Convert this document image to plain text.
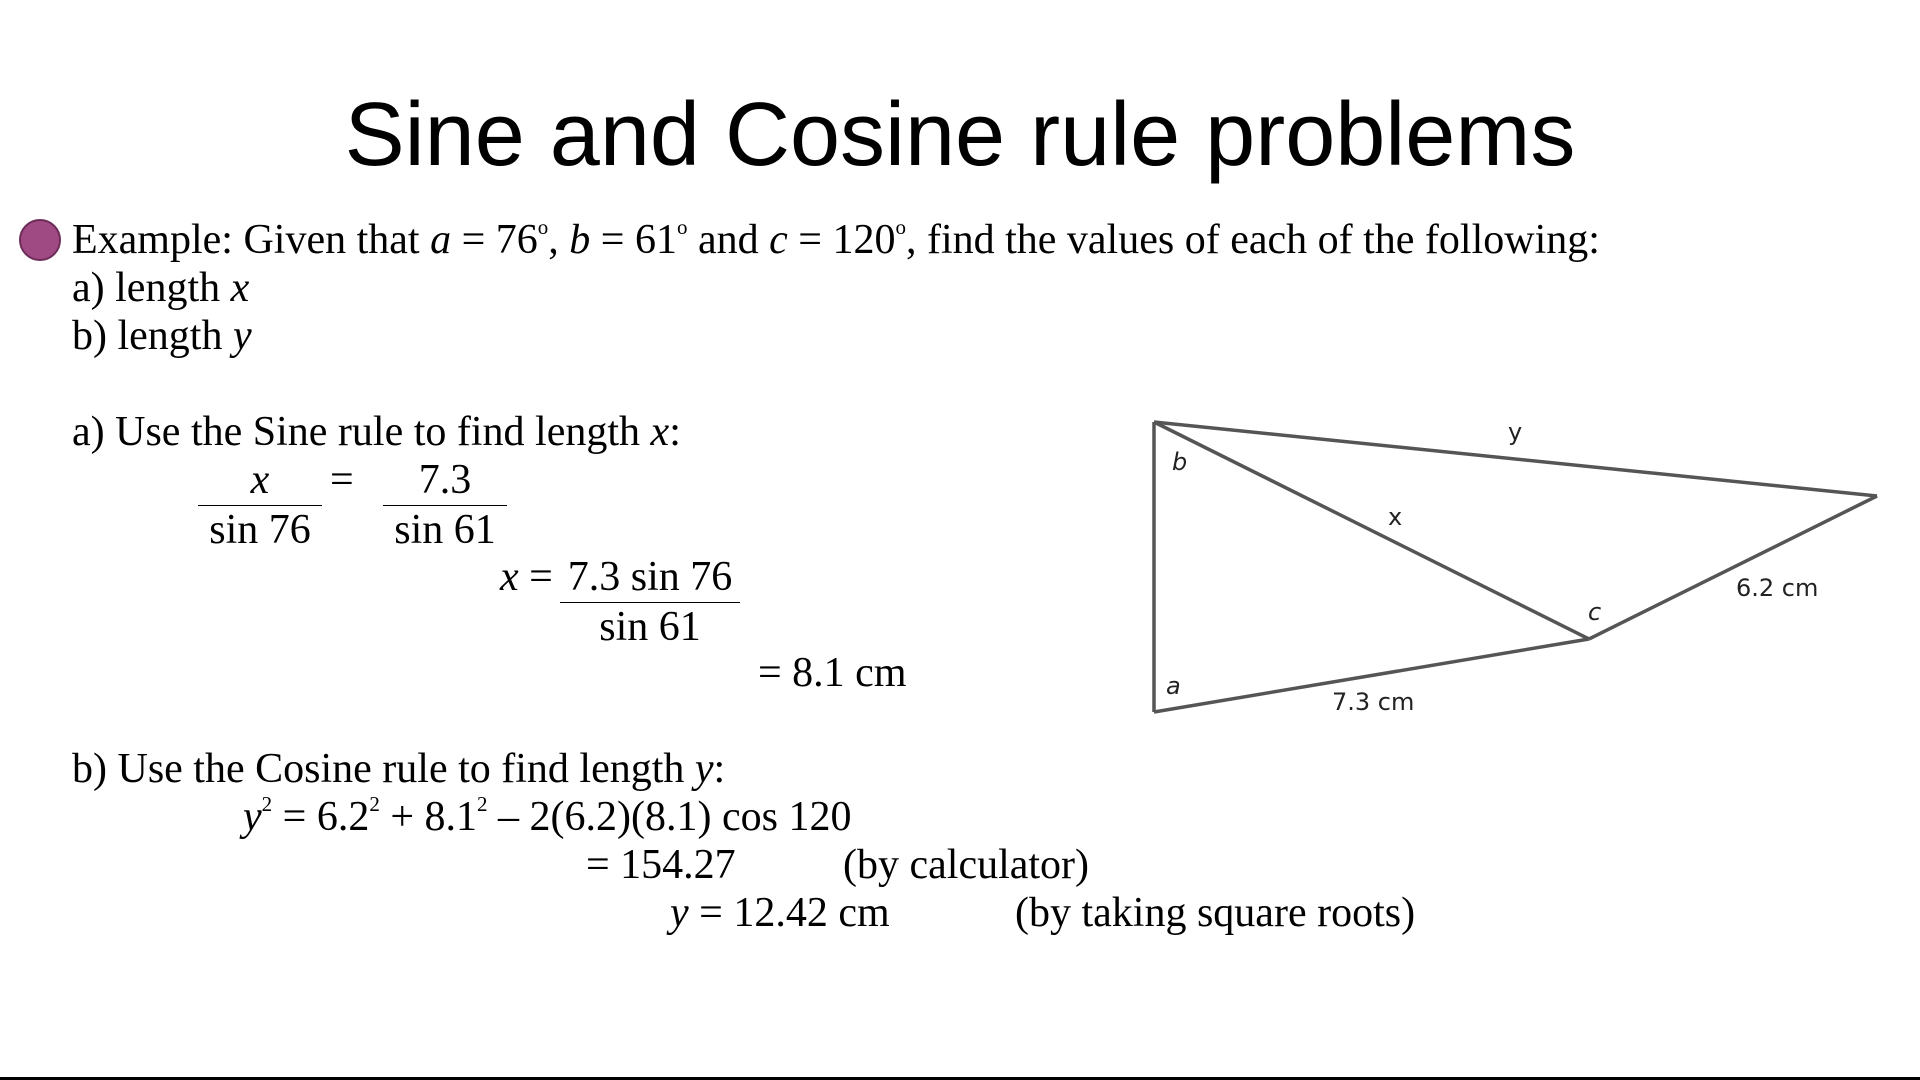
Sine and Cosine rule problems
Example: Given that $a = 76^o$, $b = 61^o$ and $c = 120^o$, find the values of each of the following:
a) length x
b) length y
a) Use the Sine rule to find length x:
$\frac{x}{\sin 76} = \frac{7.3}{\sin 61}$
$x = \frac{7.3 \sin 76}{\sin 61}$
= 8.1 cm
b) Use the Cosine rule to find length y:
$y^2 = 6.2^2 + 8.1^2 - 2(6.2)(8.1)$ cos 120
= 154.27	(by calculator)
y = 12.42 cm	(by taking square roots)
y
b
x
c
a
6.2 cm
7.3 cm
